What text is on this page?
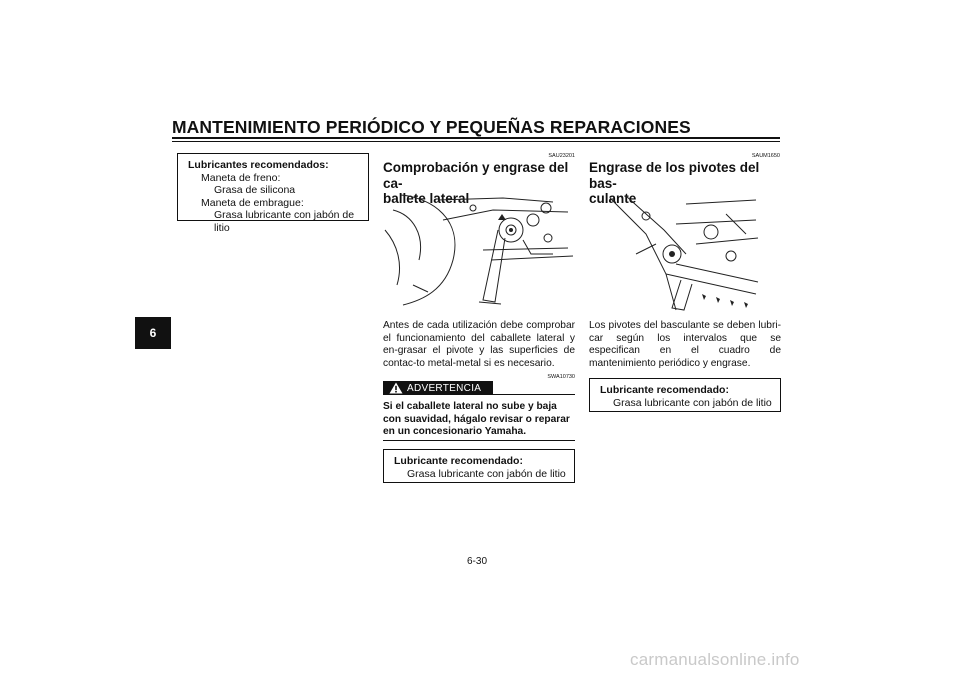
MANTENIMIENTO PERIÓDICO Y PEQUEÑAS REPARACIONES
6
Lubricantes recomendados:
Maneta de freno:
Grasa de silicona
Maneta de embrague:
Grasa lubricante con jabón de litio
SAU23201
Comprobación y engrase del ca-
ballete lateral
Antes de cada utilización debe comprobar el funcionamiento del caballete lateral y en-grasar el pivote y las superficies de contac-to metal-metal si es necesario.
SWA10730
ADVERTENCIA
Si el caballete lateral no sube y baja con suavidad, hágalo revisar o reparar en un concesionario Yamaha.
Lubricante recomendado:
Grasa lubricante con jabón de litio
SAUM1650
Engrase de los pivotes del bas-
culante
Los pivotes del basculante se deben lubri-car según los intervalos que se especifican en el cuadro de mantenimiento periódico y engrase.
Lubricante recomendado:
Grasa lubricante con jabón de litio
6-30
carmanualsonline.info
